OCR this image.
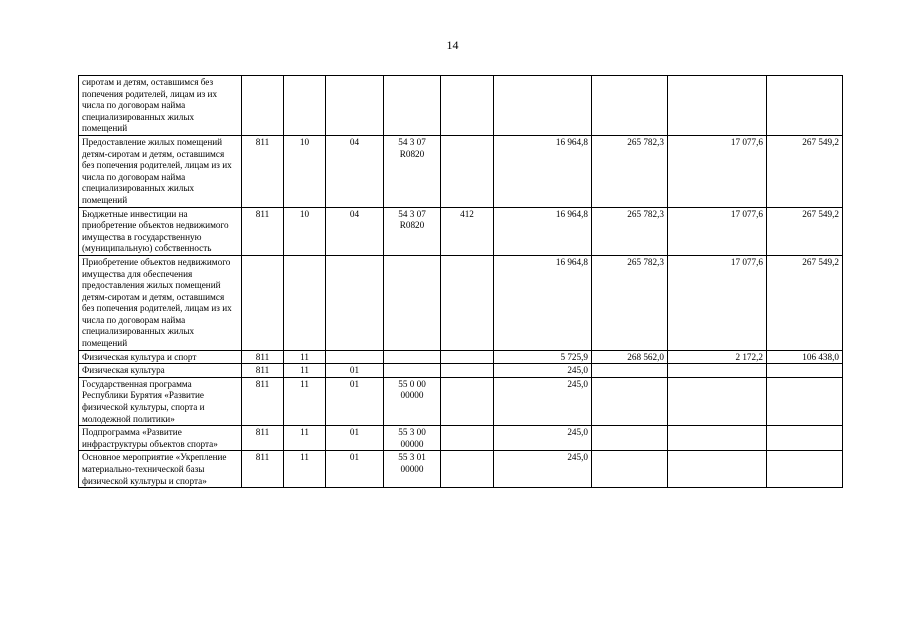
14
сиротам и детям, оставшимся без попечения родителей, лицам из их числа по договорам найма специализированных жилых помещений									
Предоставление жилых помещений детям-сиротам и детям, оставшимся без попечения родителей, лицам из их числа по договорам найма специализированных жилых помещений	811	10	04	54 3 07 R0820		16 964,8	265 782,3	17 077,6	267 549,2
Бюджетные инвестиции на приобретение объектов недвижимого имущества в государственную (муниципальную) собственность	811	10	04	54 3 07 R0820	412	16 964,8	265 782,3	17 077,6	267 549,2
Приобретение объектов недвижимого имущества для обеспечения предоставления жилых помещений детям-сиротам и детям, оставшимся без попечения родителей, лицам из их числа по договорам найма специализированных жилых помещений						16 964,8	265 782,3	17 077,6	267 549,2
Физическая культура и спорт	811	11				5 725,9	268 562,0	2 172,2	106 438,0
Физическая культура	811	11	01			245,0			
Государственная программа Республики Бурятия «Развитие физической культуры, спорта и молодежной политики»	811	11	01	55 0 00 00000		245,0			
Подпрограмма «Развитие инфраструктуры объектов спорта»	811	11	01	55 3 00 00000		245,0			
Основное мероприятие «Укрепление материально-технической базы физической культуры и спорта»	811	11	01	55 3 01 00000		245,0			
